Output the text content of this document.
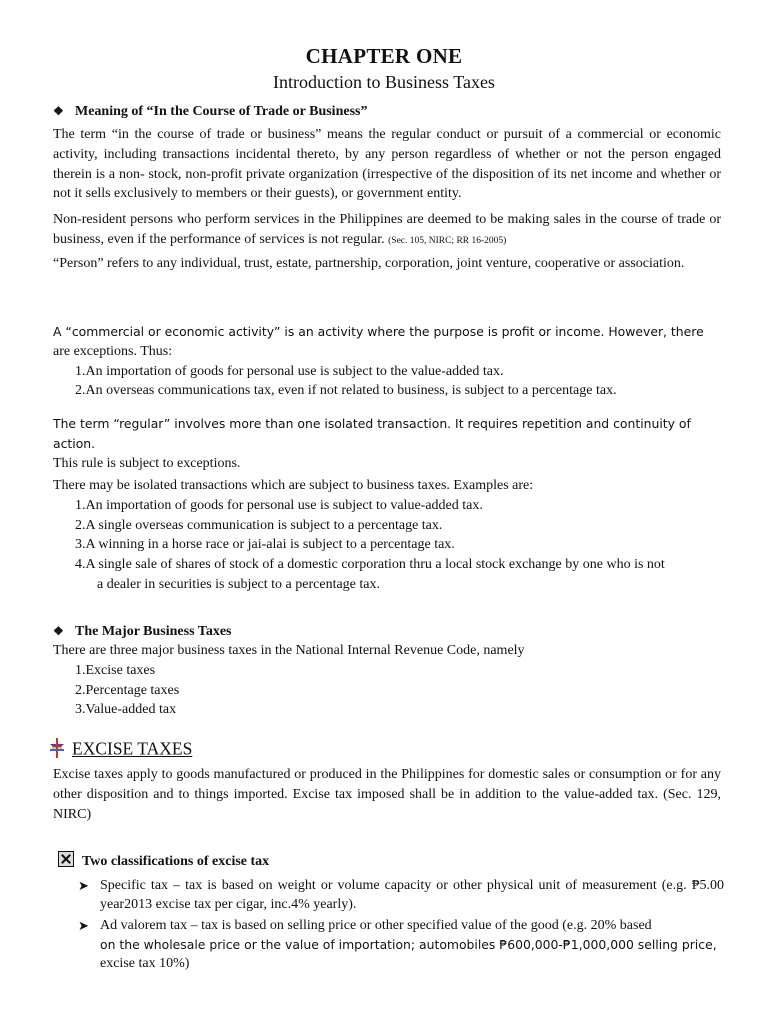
CHAPTER ONE
Introduction to Business Taxes
❖ Meaning of “In the Course of Trade or Business”
The term “in the course of trade or business” means the regular conduct or pursuit of a commercial or economic activity, including transactions incidental thereto, by any person regardless of whether or not the person engaged therein is a non- stock, non-profit private organization (irrespective of the disposition of its net income and whether or not it sells exclusively to members or their guests), or government entity.
Non-resident persons who perform services in the Philippines are deemed to be making sales in the course of trade or business, even if the performance of services is not regular. (Sec. 105, NIRC; RR 16-2005)
“Person” refers to any individual, trust, estate, partnership, corporation, joint venture, cooperative or association.
A “commercial or economic activity” is an activity where the purpose is profit or income. However, there
are exceptions. Thus:
1.An importation of goods for personal use is subject to the value-added tax.
2.An overseas communications tax, even if not related to business, is subject to a percentage tax.
The term “regular” involves more than one isolated transaction. It requires repetition and continuity of action.
This rule is subject to exceptions.
There may be isolated transactions which are subject to business taxes. Examples are:
1.An importation of goods for personal use is subject to value-added tax.
2.A single overseas communication is subject to a percentage tax.
3.A winning in a horse race or jai-alai is subject to a percentage tax.
4.A single sale of shares of stock of a domestic corporation thru a local stock exchange by one who is not
a dealer in securities is subject to a percentage tax.
❖ The Major Business Taxes
There are three major business taxes in the National Internal Revenue Code, namely
1.Excise taxes
2.Percentage taxes
3.Value-added tax
EXCISE TAXES
Excise taxes apply to goods manufactured or produced in the Philippines for domestic sales or consumption or for any other disposition and to things imported. Excise tax imposed shall be in addition to the value-added tax. (Sec. 129, NIRC)
Two classifications of excise tax
➤ Specific tax – tax is based on weight or volume capacity or other physical unit of measurement (e.g. ₱5.00 year2013 excise tax per cigar, inc.4% yearly).
➤ Ad valorem tax – tax is based on selling price or other specified value of the good (e.g. 20% based
on the wholesale price or the value of importation; automobiles ₱600,000-₱1,000,000 selling price,
excise tax 10%)
